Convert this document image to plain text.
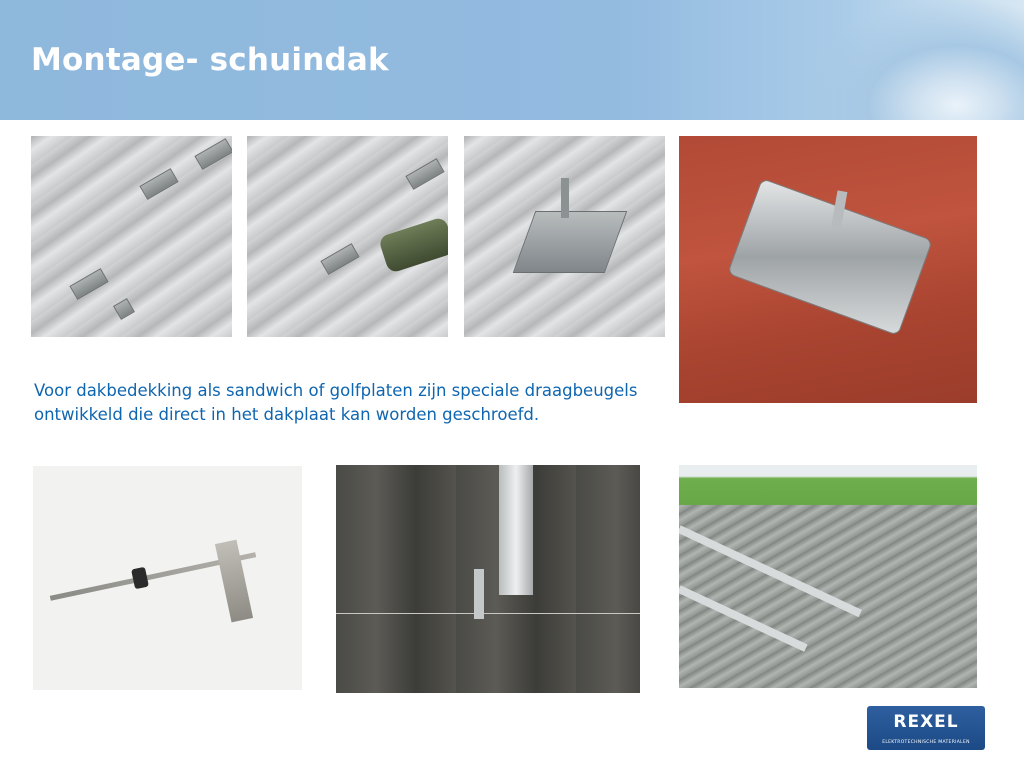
Montage- schuindak
Voor dakbedekking als sandwich of golfplaten zijn speciale draagbeugels ontwikkeld die direct in het dakplaat kan worden geschroefd.
REXEL
ELEKTROTECHNISCHE MATERIALEN
